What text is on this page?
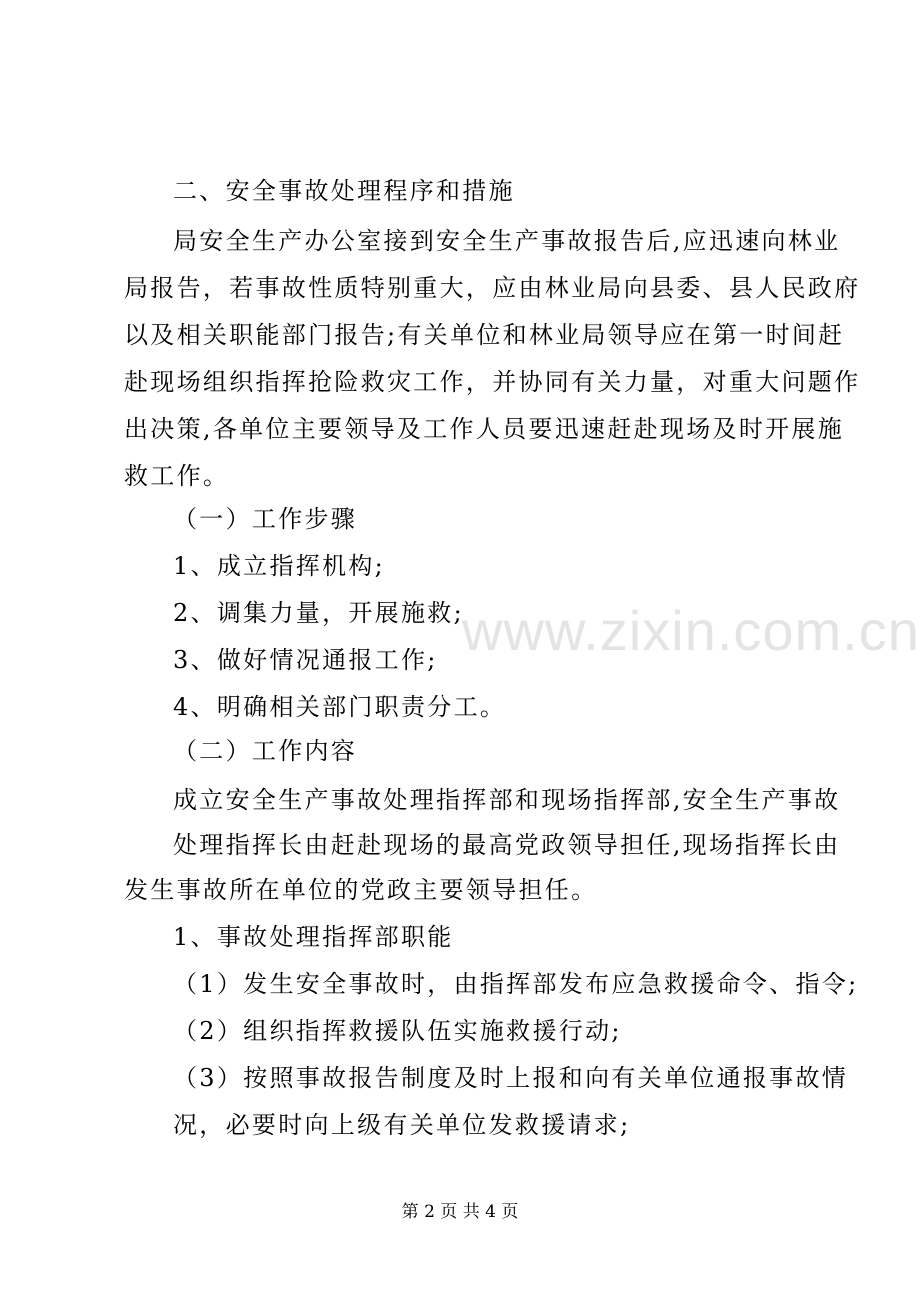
www.zixin.com.cn
二、安全事故处理程序和措施
局安全生产办公室接到安全生产事故报告后,应迅速向林业
局报告，若事故性质特别重大，应由林业局向县委、县人民政府
以及相关职能部门报告;有关单位和林业局领导应在第一时间赶
赴现场组织指挥抢险救灾工作，并协同有关力量，对重大问题作
出决策,各单位主要领导及工作人员要迅速赶赴现场及时开展施
救工作。
（一）工作步骤
1、成立指挥机构;
2、调集力量，开展施救;
3、做好情况通报工作;
4、明确相关部门职责分工。
（二）工作内容
成立安全生产事故处理指挥部和现场指挥部,安全生产事故
处理指挥长由赶赴现场的最高党政领导担任,现场指挥长由
发生事故所在单位的党政主要领导担任。
1、事故处理指挥部职能
（1）发生安全事故时，由指挥部发布应急救援命令、指令;
（2）组织指挥救援队伍实施救援行动;
（3）按照事故报告制度及时上报和向有关单位通报事故情
况，必要时向上级有关单位发救援请求;
第 2 页 共 4 页
